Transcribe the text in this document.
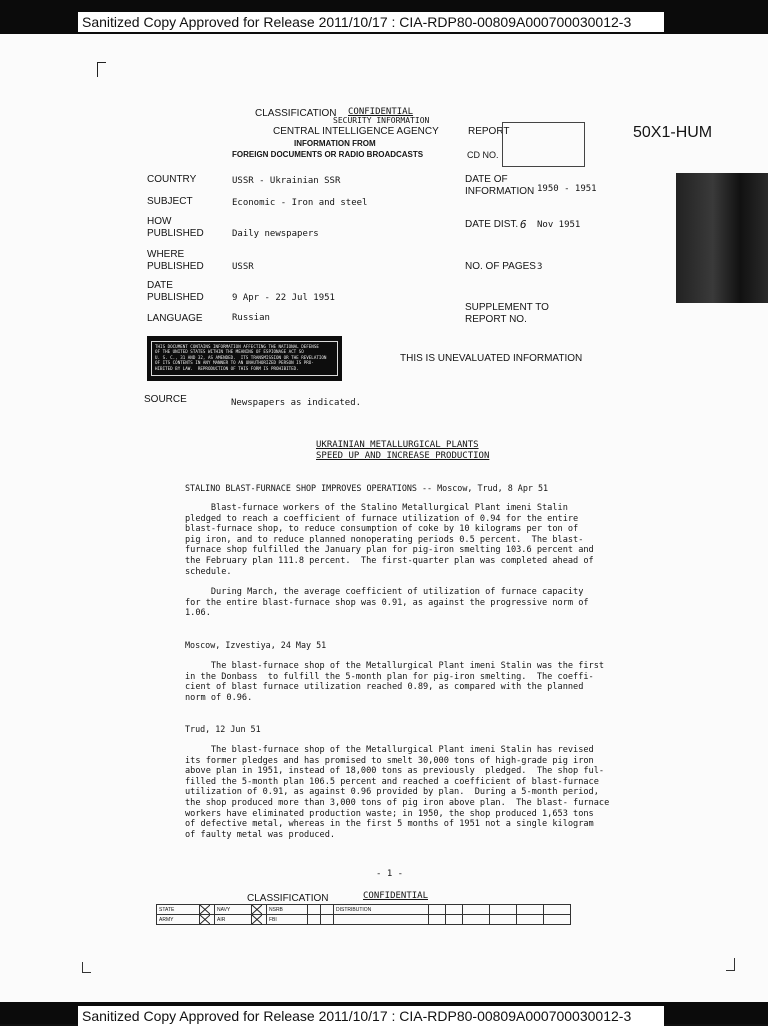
Sanitized Copy Approved for Release 2011/10/17 : CIA-RDP80-00809A000700030012-3
Sanitized Copy Approved for Release 2011/10/17 : CIA-RDP80-00809A000700030012-3
50X1-HUM
CLASSIFICATION CONFIDENTIAL
SECURITY INFORMATION
CENTRAL INTELLIGENCE AGENCY
INFORMATION FROM
FOREIGN DOCUMENTS OR RADIO BROADCASTS
REPORT
CD NO.
COUNTRY	USSR - Ukrainian SSR
SUBJECT	Economic - Iron and steel
HOW
PUBLISHED	Daily newspapers
WHERE
PUBLISHED	USSR
DATE
PUBLISHED	9 Apr - 22 Jul 1951
LANGUAGE	Russian
DATE OF
INFORMATION 1950 - 1951
DATE DIST. 6 Nov 1951
NO. OF PAGES 3
SUPPLEMENT TO
REPORT NO.
THIS DOCUMENT CONTAINS INFORMATION AFFECTING THE NATIONAL DEFENSE
OF THE UNITED STATES WITHIN THE MEANING OF ESPIONAGE ACT SO
U. S. C., 31 AND 32, AS AMENDED.  ITS TRANSMISSION OR THE REVELATION
OF ITS CONTENTS IN ANY MANNER TO AN UNAUTHORIZED PERSON IS PRO-
HIBITED BY LAW.  REPRODUCTION OF THIS FORM IS PROHIBITED.
THIS IS UNEVALUATED INFORMATION
SOURCE	Newspapers as indicated.
UKRAINIAN METALLURGICAL PLANTS
SPEED UP AND INCREASE PRODUCTION
STALINO BLAST-FURNACE SHOP IMPROVES OPERATIONS -- Moscow, Trud, 8 Apr 51
Blast-furnace workers of the Stalino Metallurgical Plant imeni Stalin
pledged to reach a coefficient of furnace utilization of 0.94 for the entire
blast-furnace shop, to reduce consumption of coke by 10 kilograms per ton of
pig iron, and to reduce planned nonoperating periods 0.5 percent.  The blast-
furnace shop fulfilled the January plan for pig-iron smelting 103.6 percent and
the February plan 111.8 percent.  The first-quarter plan was completed ahead of
schedule.
During March, the average coefficient of utilization of furnace capacity
for the entire blast-furnace shop was 0.91, as against the progressive norm of
1.06.
Moscow, Izvestiya, 24 May 51
The blast-furnace shop of the Metallurgical Plant imeni Stalin was the first
in the Donbass  to fulfill the 5-month plan for pig-iron smelting.  The coeffi-
cient of blast furnace utilization reached 0.89, as compared with the planned
norm of 0.96.
Trud, 12 Jun 51
The blast-furnace shop of the Metallurgical Plant imeni Stalin has revised
its former pledges and has promised to smelt 30,000 tons of high-grade pig iron
above plan in 1951, instead of 18,000 tons as previously  pledged.  The shop ful-
filled the 5-month plan 106.5 percent and reached a coefficient of blast-furnace
utilization of 0.91, as against 0.96 provided by plan.  During a 5-month period,
the shop produced more than 3,000 tons of pig iron above plan.  The blast- furnace
workers have eliminated production waste; in 1950, the shop produced 1,653 tons
of defective metal, whereas in the first 5 months of 1951 not a single kilogram
of faulty metal was produced.
- 1 -
CLASSIFICATION	CONFIDENTIAL
STATE		NAVY		NSRB			DISTRIBUTION						
ARMY		AIR		FBI									
